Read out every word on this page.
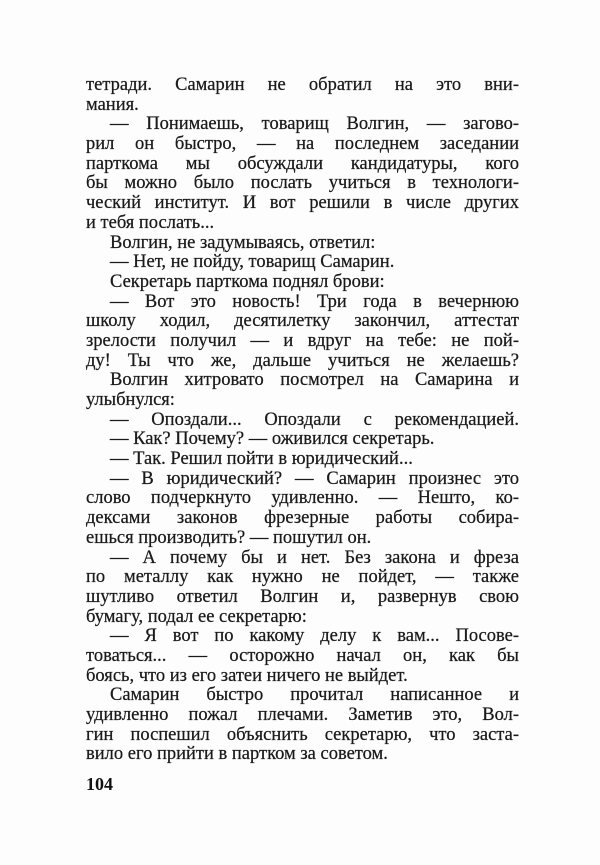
тетради. Самарин не обратил на это вни-
мания.
— Понимаешь, товарищ Волгин, — загово-
рил он быстро, — на последнем заседании
парткома мы обсуждали кандидатуры, кого
бы можно было послать учиться в технологи-
ческий институт. И вот решили в числе других
и тебя послать...
Волгин, не задумываясь, ответил:
— Нет, не пойду, товарищ Самарин.
Секретарь парткома поднял брови:
— Вот это новость! Три года в вечернюю
школу ходил, десятилетку закончил, аттестат
зрелости получил — и вдруг на тебе: не пой-
ду! Ты что же, дальше учиться не желаешь?
Волгин хитровато посмотрел на Самарина и
улыбнулся:
— Опоздали... Опоздали с рекомендацией.
— Как? Почему? — оживился секретарь.
— Так. Решил пойти в юридический...
— В юридический? — Самарин произнес это
слово подчеркнуто удивленно. — Нешто, ко-
дексами законов фрезерные работы собира-
ешься производить? — пошутил он.
— А почему бы и нет. Без закона и фреза
по металлу как нужно не пойдет, — также
шутливо ответил Волгин и, развернув свою
бумагу, подал ее секретарю:
— Я вот по какому делу к вам... Посове-
товаться... — осторожно начал он, как бы
боясь, что из его затеи ничего не выйдет.
Самарин быстро прочитал написанное и
удивленно пожал плечами. Заметив это, Вол-
гин поспешил объяснить секретарю, что заста-
вило его прийти в партком за советом.
104
